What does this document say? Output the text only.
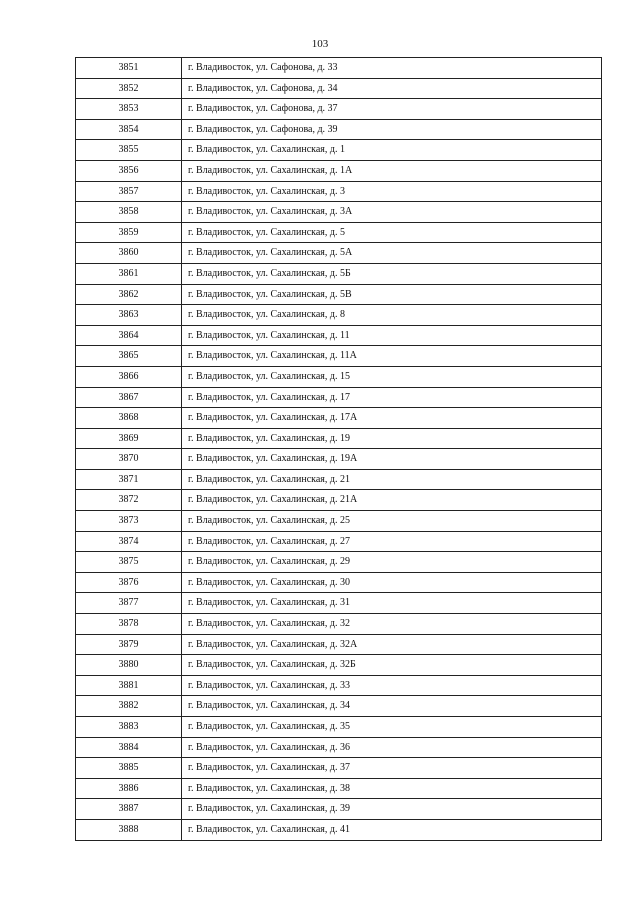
103
3851	г. Владивосток, ул. Сафонова, д. 33
3852	г. Владивосток, ул. Сафонова, д. 34
3853	г. Владивосток, ул. Сафонова, д. 37
3854	г. Владивосток, ул. Сафонова, д. 39
3855	г. Владивосток, ул. Сахалинская, д. 1
3856	г. Владивосток, ул. Сахалинская, д. 1А
3857	г. Владивосток, ул. Сахалинская, д. 3
3858	г. Владивосток, ул. Сахалинская, д. 3А
3859	г. Владивосток, ул. Сахалинская, д. 5
3860	г. Владивосток, ул. Сахалинская, д. 5А
3861	г. Владивосток, ул. Сахалинская, д. 5Б
3862	г. Владивосток, ул. Сахалинская, д. 5В
3863	г. Владивосток, ул. Сахалинская, д. 8
3864	г. Владивосток, ул. Сахалинская, д. 11
3865	г. Владивосток, ул. Сахалинская, д. 11А
3866	г. Владивосток, ул. Сахалинская, д. 15
3867	г. Владивосток, ул. Сахалинская, д. 17
3868	г. Владивосток, ул. Сахалинская, д. 17А
3869	г. Владивосток, ул. Сахалинская, д. 19
3870	г. Владивосток, ул. Сахалинская, д. 19А
3871	г. Владивосток, ул. Сахалинская, д. 21
3872	г. Владивосток, ул. Сахалинская, д. 21А
3873	г. Владивосток, ул. Сахалинская, д. 25
3874	г. Владивосток, ул. Сахалинская, д. 27
3875	г. Владивосток, ул. Сахалинская, д. 29
3876	г. Владивосток, ул. Сахалинская, д. 30
3877	г. Владивосток, ул. Сахалинская, д. 31
3878	г. Владивосток, ул. Сахалинская, д. 32
3879	г. Владивосток, ул. Сахалинская, д. 32А
3880	г. Владивосток, ул. Сахалинская, д. 32Б
3881	г. Владивосток, ул. Сахалинская, д. 33
3882	г. Владивосток, ул. Сахалинская, д. 34
3883	г. Владивосток, ул. Сахалинская, д. 35
3884	г. Владивосток, ул. Сахалинская, д. 36
3885	г. Владивосток, ул. Сахалинская, д. 37
3886	г. Владивосток, ул. Сахалинская, д. 38
3887	г. Владивосток, ул. Сахалинская, д. 39
3888	г. Владивосток, ул. Сахалинская, д. 41
